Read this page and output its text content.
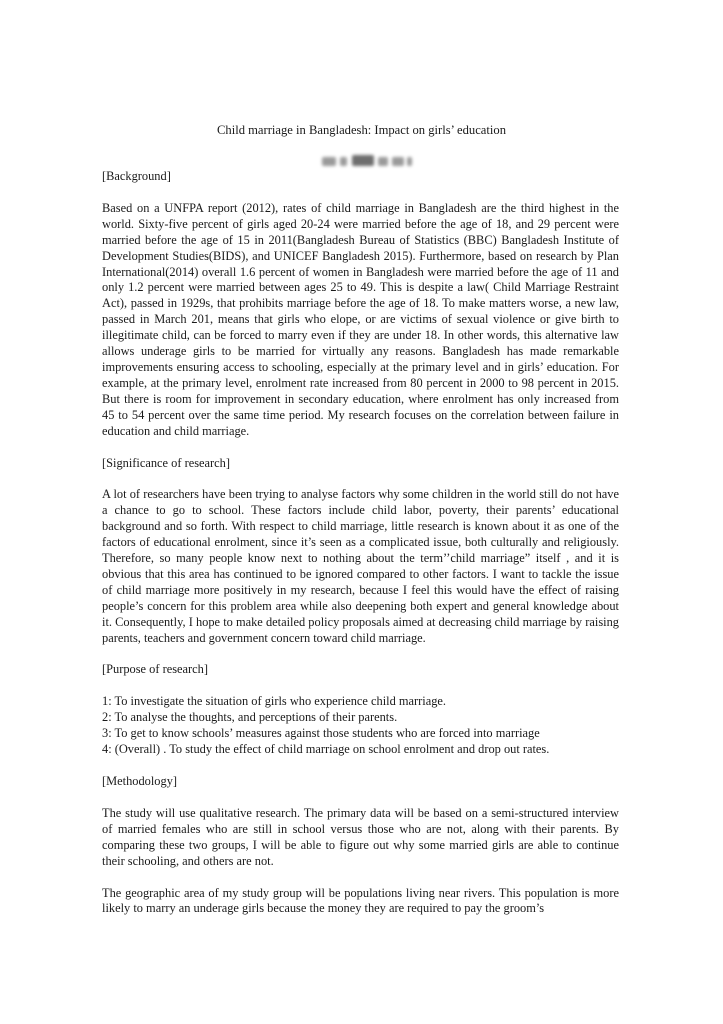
Child marriage in Bangladesh: Impact on girls’ education

[Background]

Based on a UNFPA report (2012), rates of child marriage in Bangladesh are the third highest in the world. Sixty-five percent of girls aged 20-24 were married before the age of 18, and 29 percent were married before the age of 15 in 2011(Bangladesh Bureau of Statistics (BBC) Bangladesh Institute of Development Studies(BIDS), and UNICEF Bangladesh 2015). Furthermore, based on research by Plan International(2014) overall 1.6 percent of women in Bangladesh were married before the age of 11 and only 1.2 percent were married between ages 25 to 49. This is despite a law( Child Marriage Restraint Act), passed in 1929s, that prohibits marriage before the age of 18. To make matters worse, a new law, passed in March 201, means that girls who elope, or are victims of sexual violence or give birth to illegitimate child, can be forced to marry even if they are under 18. In other words, this alternative law allows underage girls to be married for virtually any reasons. Bangladesh has made remarkable improvements ensuring access to schooling, especially at the primary level and in girls’ education. For example, at the primary level, enrolment rate increased from 80 percent in 2000 to 98 percent in 2015. But there is room for improvement in secondary education, where enrolment has only increased from 45 to 54 percent over the same time period. My research focuses on the correlation between failure in education and child marriage.

[Significance of research]

A lot of researchers have been trying to analyse factors why some children in the world still do not have a chance to go to school. These factors include child labor, poverty, their parents’ educational background and so forth. With respect to child marriage, little research is known about it as one of the factors of educational enrolment, since it’s seen as a complicated issue, both culturally and religiously. Therefore, so many people know next to nothing about the term’’child marriage” itself , and it is obvious that this area has continued to be ignored compared to other factors. I want to tackle the issue of child marriage more positively in my research, because I feel this would have the effect of raising people’s concern for this problem area while also deepening both expert and general knowledge about it. Consequently, I hope to make detailed policy proposals aimed at decreasing child marriage by raising parents, teachers and government concern toward child marriage.

[Purpose of research]

1: To investigate the situation of girls who experience child marriage.
2: To analyse the thoughts, and perceptions of their parents.
3: To get to know schools’ measures against those students who are forced into marriage
4: (Overall) . To study the effect of child marriage on school enrolment and drop out rates.

[Methodology]

The study will use qualitative research. The primary data will be based on a semi-structured interview of married females who are still in school versus those who are not, along with their parents. By comparing these two groups, I will be able to figure out why some married girls are able to continue their schooling, and others are not.

The geographic area of my study group will be populations living near rivers. This population is more likely to marry an underage girls because the money they are required to pay the groom’s
